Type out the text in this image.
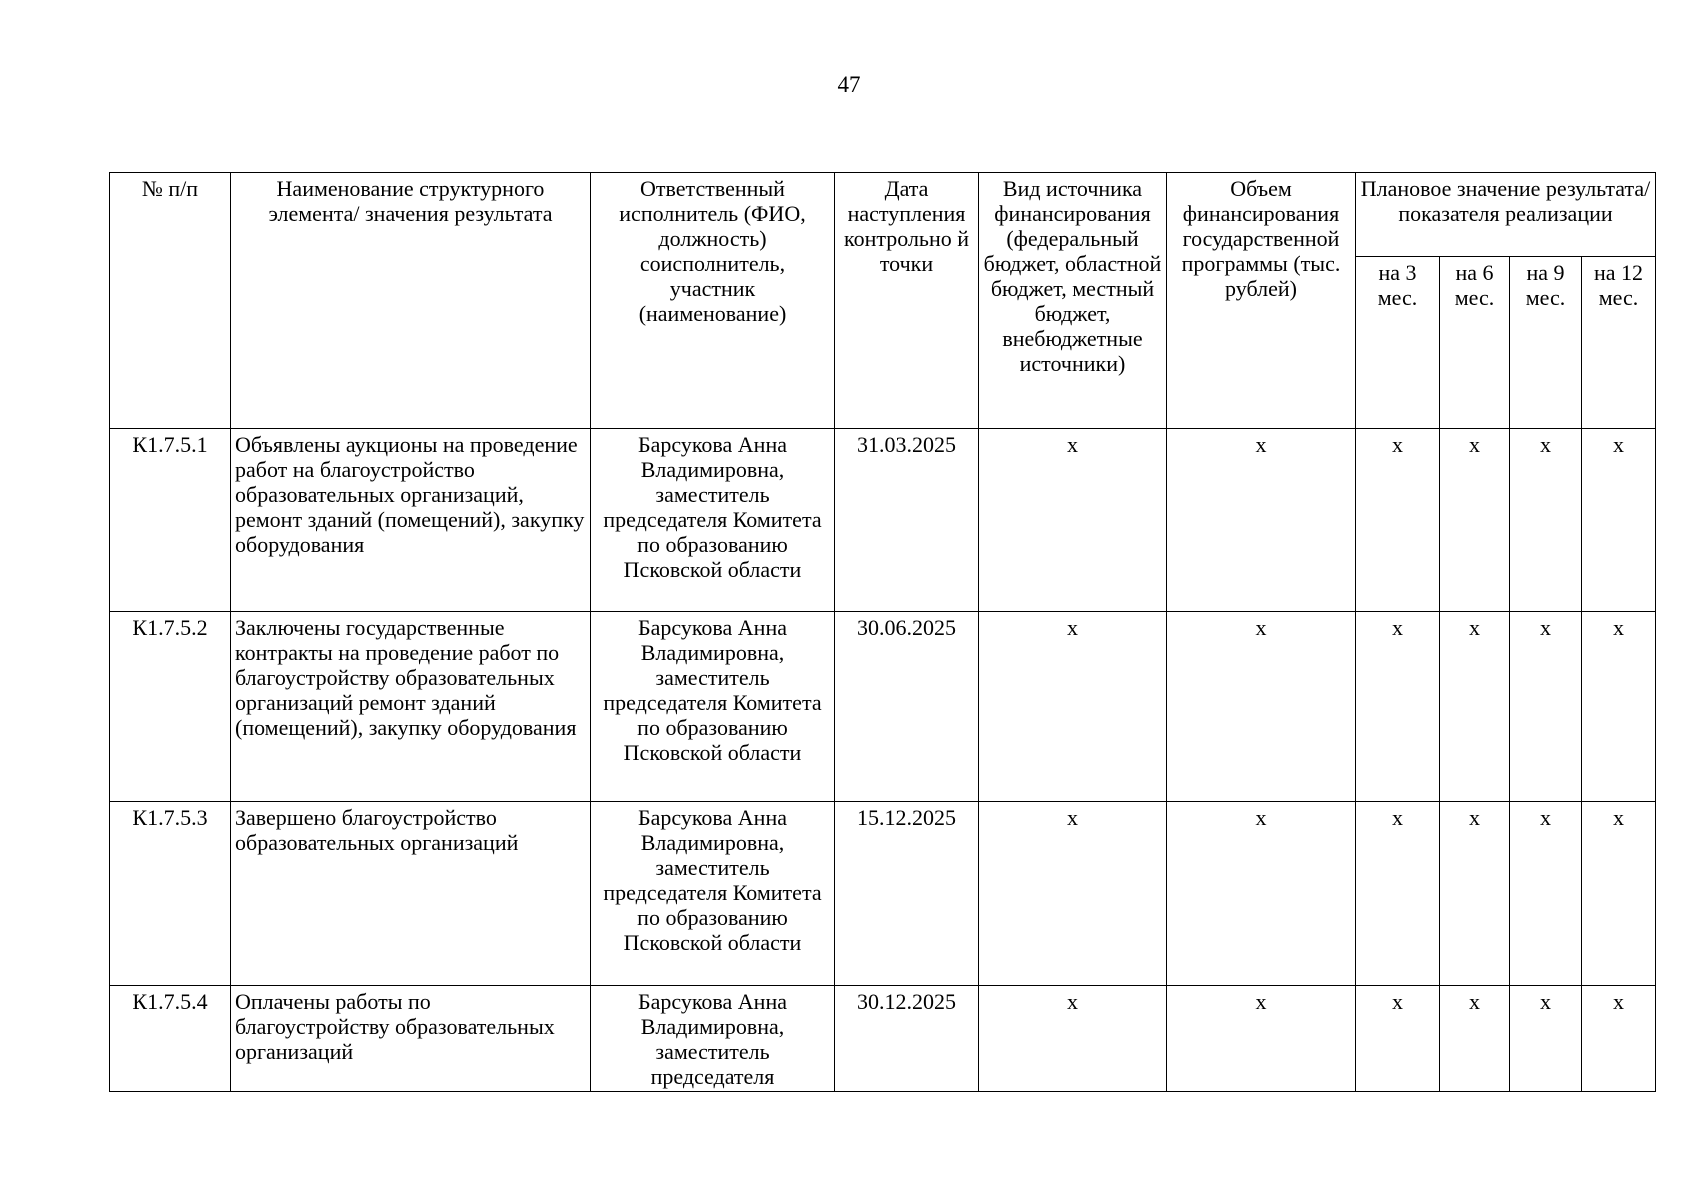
47
№ п/п	Наименование структурного элемента/ значения результата	Ответственный исполнитель (ФИО, должность) соисполнитель, участник (наименование)	Дата наступления контрольно й точки	Вид источника финансирования (федеральный бюджет, областной бюджет, местный бюджет, внебюджетные источники)	Объем финансирования государственной программы (тыс. рублей)	Плановое значение результата/показателя реализации			
						на 3 мес.	на 6 мес.	на 9 мес.	на 12 мес.
К1.7.5.1	Объявлены аукционы на проведение работ на благоустройство образовательных организаций, ремонт зданий (помещений), закупку оборудования	Барсукова Анна Владимировна, заместитель председателя Комитета по образованию Псковской области	31.03.2025	х	х	х	х	х	х
К1.7.5.2	Заключены государственные контракты на проведение работ по благоустройству образовательных организаций ремонт зданий (помещений), закупку оборудования	Барсукова Анна Владимировна, заместитель председателя Комитета по образованию Псковской области	30.06.2025	х	х	х	х	х	х
К1.7.5.3	Завершено благоустройство образовательных организаций	Барсукова Анна Владимировна, заместитель председателя Комитета по образованию Псковской области	15.12.2025	х	х	х	х	х	х
К1.7.5.4	Оплачены работы по благоустройству образовательных организаций	Барсукова Анна Владимировна, заместитель председателя	30.12.2025	х	х	х	х	х	х
